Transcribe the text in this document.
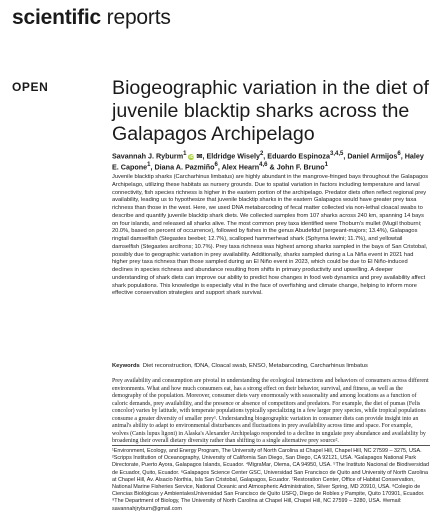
scientific reports
OPEN	Biogeographic variation in the diet of juvenile blacktip sharks across the Galapagos Archipelago
Savannah J. Ryburm$^1$ iD ✉, Eldridge Wisely$^2$, Eduardo Espinoza$^{3,4,5}$, Daniel Armijos$^6$, Haley E. Capone$^1$, Diana A. Pazmiño$^6$, Alex Hearn$^{4,6}$ & John F. Bruno$^1$

Juvenile blacktip sharks (Carcharhinus limbatus) are highly abundant in the mangrove-fringed bays throughout the Galapagos Archipelago, utilizing these habitats as nursery grounds. Due to spatial variation in factors including temperature and larval connectivity, fish species richness is higher in the eastern portion of the archipelago. Predator diets often reflect regional prey availability, leading us to hypothesize that juvenile blacktip sharks in the eastern Galapagos would have greater prey taxa richness than those in the west. Here, we used DNA metabarcoding of fecal matter collected via non-lethal cloacal swabs to describe and quantify juvenile blacktip shark diets. We collected samples from 107 sharks across 240 km, spanning 14 bays on four islands, and released all sharks alive. The most common prey taxa identified were Thoburn's mullet (Mugil thoburni; 20.0%, based on percent of occurrence), followed by fishes in the genus Abudefduf (sergeant-majors; 13.4%), Galapagos ringtail damselfish (Stegastes beebei; 12.7%), scalloped hammerhead shark (Sphyrna lewini; 11.7%), and yellowtail damselfish (Stegastes arcifrons; 10.7%). Prey taxa richness was highest among sharks sampled in the bays of San Cristobal, possibly due to geographic variation in prey availability. Additionally, sharks sampled during a La Niña event in 2021 had higher prey taxa richness than those sampled during an El Niño event in 2023, which could be due to El Niño-induced declines in species richness and abundance resulting from shifts in primary productivity and upwelling. A deeper understanding of shark diets can improve our ability to predict how changes in food web dynamics and prey availability affect shark populations. This knowledge is especially vital in the face of overfishing and climate change, helping to inform more effective conservation strategies and support shark survival.

Keywords Diet reconstruction, fDNA, Cloacal swab, ENSO, Metabarcoding, Carcharhinus limbatus

Prey availability and consumption are pivotal in understanding the ecological interactions and behaviors of consumers across different environments. What and how much consumers eat, has a strong effect on their behavior, survival, and fitness, as well as the demography of the population. Moreover, consumer diets vary enormously with seasonality and among locations as a function of caloric demands, prey availability, and the presence or absence of competitors and predators. For example, the diet of pumas (Felis concolor) varies by latitude, with temperate populations typically specializing in a few larger prey species, while tropical populations consume a greater diversity of smaller prey¹. Understanding biogeographic variation in consumer diets can provide insight into an animal's ability to adapt to environmental disturbances and fluctuations in prey availability across time and space. For example, wolves (Canis lupus ligoni) in Alaska's Alexander Archipelago responded to a decline in ungulate prey abundance and availability by broadening their overall dietary diversity rather than shifting to a single alternative prey source².

¹Environment, Ecology, and Energy Program, The University of North Carolina at Chapel Hill, Chapel Hill, NC 27599 – 3275, USA. ²Scripps Institution of Oceanography, University of California San Diego, San Diego, CA 92121, USA. ³Galapagos National Park Directorate, Puerto Ayora, Galapagos Islands, Ecuador. ⁴MigraMar, Olema, CA 94950, USA. ⁵The Instituto Nacional de Biodiversidad de Ecuador, Quito, Ecuador. ⁶Galapagos Science Center GSC, Universidad San Francisco de Quito and University of North Carolina at Chapel Hill, Av. Alsacio Northia, Isla San Cristobal, Galapagos, Ecuador. ⁷Restoration Center, Office of Habitat Conservation, National Marine Fisheries Service, National Oceanic and Atmospheric Administration, Silver Spring, MD 20910, USA. ⁸Colegio de Ciencias Biológicas y AmbientalesUniversidad San Francisco de Quito USFQ, Diego de Robles y Pampite, Quito 170901, Ecuador. ⁹The Department of Biology, The University of North Carolina at Chapel Hill, Chapel Hill, NC 27599 – 3280, USA. ✉email: savannahjryburn@gmail.com
